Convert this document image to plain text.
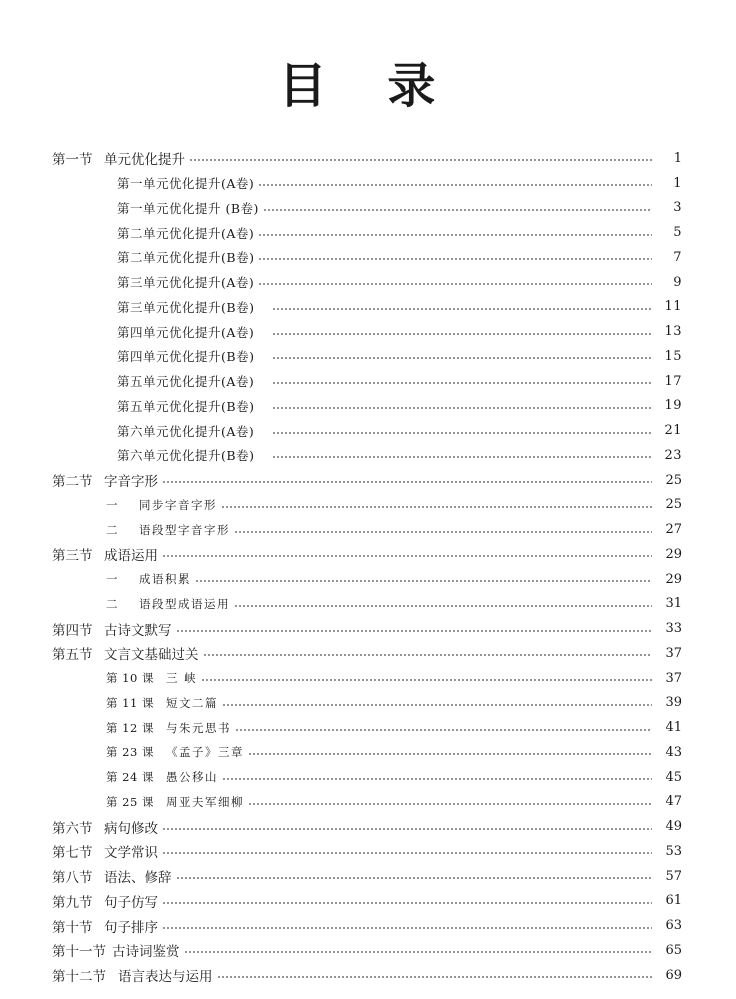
目 录
第一节 单元优化提升	1
第一单元优化提升(A卷)	1
第一单元优化提升 (B卷)	3
第二单元优化提升(A卷)	5
第二单元优化提升(B卷)	7
第三单元优化提升(A卷)	9
第三单元优化提升(B卷)	11
第四单元优化提升(A卷)	13
第四单元优化提升(B卷)	15
第五单元优化提升(A卷)	17
第五单元优化提升(B卷)	19
第六单元优化提升(A卷)	21
第六单元优化提升(B卷)	23
第二节 字音字形	25
一	同步字音字形	25
二	语段型字音字形	27
第三节 成语运用	29
一	成语积累	29
二	语段型成语运用	31
第四节 古诗文默写	33
第五节 文言文基础过关	37
第 10 课	三 峡	37
第 11 课	短文二篇	39
第 12 课	与朱元思书	41
第 23 课	《孟子》三章	43
第 24 课	愚公移山	45
第 25 课	周亚夫军细柳	47
第六节 病句修改	49
第七节 文学常识	53
第八节 语法、修辞	57
第九节 句子仿写	61
第十节 句子排序	63
第十一节 古诗词鉴赏	65
第十二节 语言表达与运用	69
